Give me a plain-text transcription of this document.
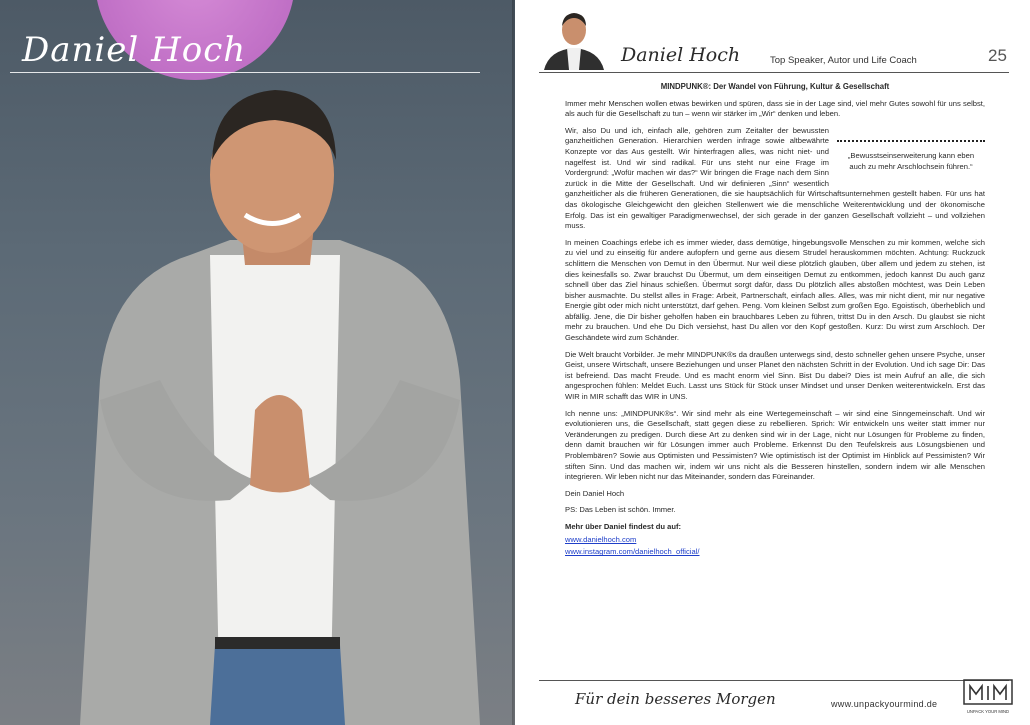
Daniel Hoch	Daniel Hoch	Top Speaker, Autor und Life Coach	25

MINDPUNK®: Der Wandel von Führung, Kultur & Gesellschaft

Immer mehr Menschen wollen etwas bewirken und spüren, dass sie in der Lage sind, viel mehr Gutes sowohl für uns selbst, als auch für die Gesellschaft zu tun – wenn wir stärker im „Wir“ denken und leben.

„Bewusstseinserweiterung kann eben auch zu mehr Arschlochsein führen.“

Wir, also Du und ich, einfach alle, gehören zum Zeitalter der bewussten ganzheitlichen Generation. Hierarchien werden infrage sowie altbewährte Konzepte vor das Aus gestellt. Wir hinterfragen alles, was nicht niet- und nagelfest ist. Und wir sind radikal. Für uns steht nur eine Frage im Vordergrund: „Wofür machen wir das?“ Wir bringen die Frage nach dem Sinn zurück in die Mitte der Gesellschaft. Und wir definieren „Sinn“ wesentlich ganzheitlicher als die früheren Generationen, die sie hauptsächlich für Wirtschaftsunternehmen gestellt haben. Für uns hat das ökologische Gleichgewicht den gleichen Stellenwert wie die menschliche Weiterentwicklung und der ökonomische Erfolg. Das ist ein gewaltiger Paradigmenwechsel, der sich gerade in der ganzen Gesellschaft vollzieht – und vollziehen muss.

In meinen Coachings erlebe ich es immer wieder, dass demütige, hingebungsvolle Menschen zu mir kommen, welche sich zu viel und zu einseitig für andere aufopfern und gerne aus diesem Strudel herauskommen möchten. Achtung: Ruckzuck schlittern die Menschen von Demut in den Übermut. Nur weil diese plötzlich glauben, über allem und jedem zu stehen, ist dies keinesfalls so. Zwar brauchst Du Übermut, um dem einseitigen Demut zu entkommen, jedoch kannst Du auch ganz schnell über das Ziel hinaus schießen. Übermut sorgt dafür, dass Du plötzlich alles abstoßen möchtest, was Dein Leben bisher ausmachte. Du stellst alles in Frage: Arbeit, Partnerschaft, einfach alles. Alles, was mir nicht dient, mir nur negative Energie gibt oder mich nicht unterstützt, darf gehen. Peng. Vom kleinen Selbst zum großen Ego. Egoistisch, überheblich und abfällig. Jene, die Dir bisher geholfen haben ein brauchbares Leben zu führen, trittst Du in den Arsch. Du glaubst sie nicht mehr zu brauchen. Und ehe Du Dich versiehst, hast Du allen vor den Kopf gestoßen. Kurz: Du wirst zum Arschloch. Der Geschändete wird zum Schänder.

Die Welt braucht Vorbilder. Je mehr MINDPUNK®s da draußen unterwegs sind, desto schneller gehen unsere Psyche, unser Geist, unsere Wirtschaft, unsere Beziehungen und unser Planet den nächsten Schritt in der Evolution. Und ich sage Dir: Das ist befreiend. Das macht Freude. Und es macht enorm viel Sinn. Bist Du dabei? Dies ist mein Aufruf an alle, die sich angesprochen fühlen: Meldet Euch. Lasst uns Stück für Stück unser Mindset und unser Denken weiterentwickeln. Erst das WIR in MIR schafft das WIR in UNS.

Ich nenne uns: „MINDPUNK®s“. Wir sind mehr als eine Wertegemeinschaft – wir sind eine Sinngemeinschaft. Und wir evolutionieren uns, die Gesellschaft, statt gegen diese zu rebellieren. Sprich: Wir entwickeln uns weiter statt immer nur Veränderungen zu predigen. Durch diese Art zu denken sind wir in der Lage, nicht nur Lösungen für Probleme zu finden, denn damit brauchen wir für Lösungen immer auch Probleme. Erkennst Du den Teufelskreis aus Lösungsbienen und Problembären? Sowie aus Optimisten und Pessimisten? Wie optimistisch ist der Optimist im Hinblick auf Pessimisten? Wir stiften Sinn. Und das machen wir, indem wir uns nicht als die Besseren hinstellen, sondern indem wir alle Menschen integrieren. Wir leben nicht nur das Miteinander, sondern das Füreinander.

Dein Daniel Hoch

PS: Das Leben ist schön. Immer.

Mehr über Daniel findest du auf:

www.danielhoch.com
www.instagram.com/danielhoch_official/
Für dein besseres Morgen	www.unpackyourmind.de
UNPACK YOUR MIND
